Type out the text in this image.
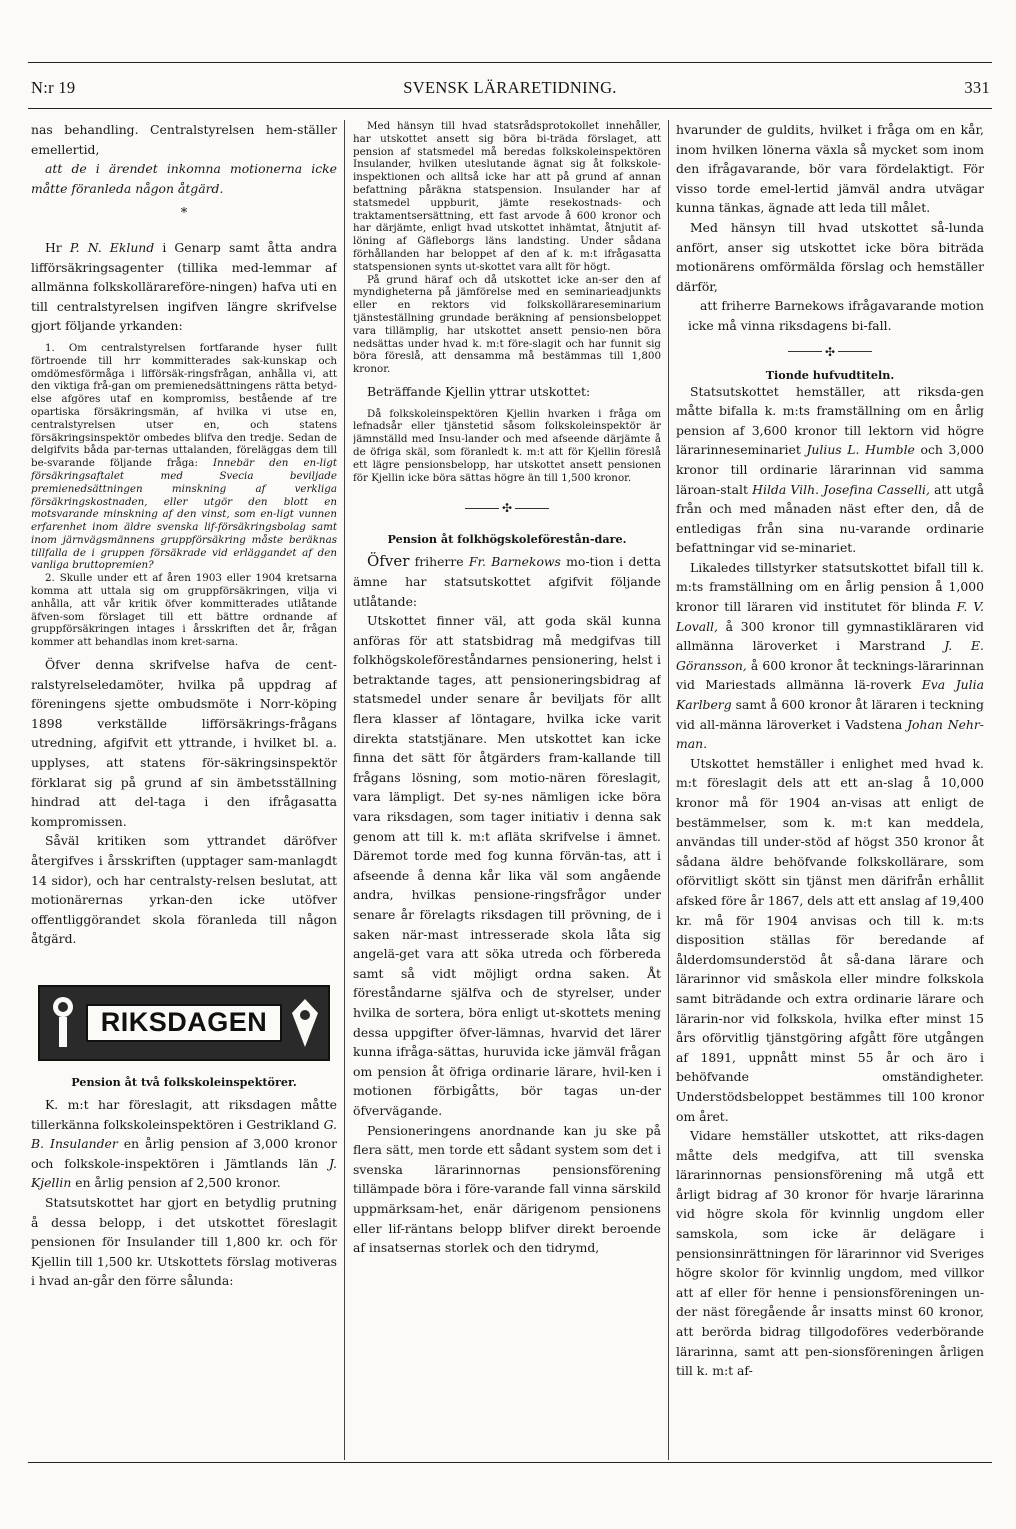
N:r 19	SVENSK LÄRARETIDNING.	331

nas behandling. Centralstyrelsen hem-ställer emellertid,

att de i ärendet inkomna motionerna icke måtte föranleda någon åtgärd.

*

Hr P. N. Eklund i Genarp samt åtta andra lifförsäkringsagenter (tillika med-lemmar af allmänna folkskollärareföre-ningen) hafva uti en till centralstyrelsen ingifven längre skrifvelse gjort följande yrkanden:

1. Om centralstyrelsen fortfarande hyser fullt förtroende till hrr kommitterades sak-kunskap och omdömesförmåga i lifförsäk-ringsfrågan, anhålla vi, att den viktiga frå-gan om premienedsättningens rätta betyd-else afgöres utaf en kompromiss, bestående af tre opartiska försäkringsmän, af hvilka vi utse en, centralstyrelsen utser en, och statens försäkringsinspektör ombedes blifva den tredje. Sedan de delgifvits båda par-ternas uttalanden, föreläggas dem till be-svarande följande fråga: Innebär den en-ligt försäkringsaftalet med Svecia beviljade premienedsättningen minskning af verkliga försäkringskostnaden, eller utgör den blott en motsvarande minskning af den vinst, som en-ligt vunnen erfarenhet inom äldre svenska lif-försäkringsbolag samt inom järnvägsmännens gruppförsäkring måste beräknas tillfalla de i gruppen försäkrade vid erläggandet af den vanliga bruttopremien?

2. Skulle under ett af åren 1903 eller 1904 kretsarna komma att uttala sig om gruppförsäkringen, vilja vi anhålla, att vår kritik öfver kommitterades utlåtande äfven-som förslaget till ett bättre ordnande af gruppförsäkringen intages i årsskriften det år, frågan kommer att behandlas inom kret-sarna.

Öfver denna skrifvelse hafva de cent-ralstyrelseledamöter, hvilka på uppdrag af föreningens sjette ombudsmöte i Norr-köping 1898 verkställde lifförsäkrings-frågans utredning, afgifvit ett yttrande, i hvilket bl. a. upplyses, att statens för-säkringsinspektör förklarat sig på grund af sin ämbetsställning hindrad att del-taga i den ifrågasatta kompromissen.

Såväl kritiken som yttrandet däröfver återgifves i årsskriften (upptager sam-manlagdt 14 sidor), och har centralsty-relsen beslutat, att motionärernas yrkan-den icke utöfver offentliggörandet skola föranleda till någon åtgärd.

RIKSDAGEN

Pension åt två folkskoleinspektörer.

K. m:t har föreslagit, att riksdagen måtte tillerkänna folkskoleinspektören i Gestrikland G. B. Insulander en årlig pension af 3,000 kronor och folkskole-inspektören i Jämtlands län J. Kjellin en årlig pension af 2,500 kronor.

Statsutskottet har gjort en betydlig prutning å dessa belopp, i det utskottet föreslagit pensionen för Insulander till 1,800 kr. och för Kjellin till 1,500 kr. Utskottets förslag motiveras i hvad an-går den förre sålunda:

Med hänsyn till hvad statsrådsprotokollet innehåller, har utskottet ansett sig böra bi-träda förslaget, att pension af statsmedel må beredas folkskoleinspektören Insulander, hvilken uteslutande ägnat sig åt folkskole-inspektionen och alltså icke har att på grund af annan befattning påräkna statspension. Insulander har af statsmedel uppburit, jämte resekostnads- och traktamentsersättning, ett fast arvode å 600 kronor och har därjämte, enligt hvad utskottet inhämtat, åtnjutit af-löning af Gäfleborgs läns landsting. Under sådana förhållanden har beloppet af den af k. m:t ifrågasatta statspensionen synts ut-skottet vara allt för högt.

På grund häraf och då utskottet icke an-ser den af myndigheterna på jämförelse med en seminarieadjunkts eller en rektors vid folkskollärareseminarium tjänsteställning grundade beräkning af pensionsbeloppet vara tillämplig, har utskottet ansett pensio-nen böra nedsättas under hvad k. m:t före-slagit och har funnit sig böra föreslå, att densamma må bestämmas till 1,800 kronor.

Beträffande Kjellin yttrar utskottet:

Då folkskoleinspektören Kjellin hvarken i fråga om lefnadsår eller tjänstetid såsom folkskoleinspektör är jämnställd med Insu-lander och med afseende därjämte å de öfriga skäl, som föranledt k. m:t att för Kjellin föreslå ett lägre pensionsbelopp, har utskottet ansett pensionen för Kjellin icke böra sättas högre än till 1,500 kronor.

✣

Pension åt folkhögskoleförestån-dare.

Öfver friherre Fr. Barnekows mo-tion i detta ämne har statsutskottet afgifvit följande utlåtande:

Utskottet finner väl, att goda skäl kunna anföras för att statsbidrag må medgifvas till folkhögskoleföreståndarnes pensionering, helst i betraktande tages, att pensioneringsbidrag af statsmedel under senare år beviljats för allt flera klasser af löntagare, hvilka icke varit direkta statstjänare. Men utskottet kan icke finna det sätt för åtgärders fram-kallande till frågans lösning, som motio-nären föreslagit, vara lämpligt. Det sy-nes nämligen icke böra vara riksdagen, som tager initiativ i denna sak genom att till k. m:t afläta skrifvelse i ämnet. Däremot torde med fog kunna förvän-tas, att i afseende å denna kår lika väl som angående andra, hvilkas pensione-ringsfrågor under senare år förelagts riksdagen till prövning, de i saken när-mast intresserade skola låta sig angelä-get vara att söka utreda och förbereda samt så vidt möjligt ordna saken. Åt föreståndarne själfva och de styrelser, under hvilka de sortera, böra enligt ut-skottets mening dessa uppgifter öfver-lämnas, hvarvid det lärer kunna ifråga-sättas, huruvida icke jämväl frågan om pension åt öfriga ordinarie lärare, hvil-ken i motionen förbigåtts, bör tagas un-der öfvervägande.

Pensioneringens anordnande kan ju ske på flera sätt, men torde ett sådant system som det i svenska lärarinnornas pensionsförening tillämpade böra i före-varande fall vinna särskild uppmärksam-het, enär därigenom pensionens eller lif-räntans belopp blifver direkt beroende af insatsernas storlek och den tidrymd,

hvarunder de guldits, hvilket i fråga om en kår, inom hvilken lönerna växla så mycket som inom den ifrågavarande, bör vara fördelaktigt. För visso torde emel-lertid jämväl andra utvägar kunna tänkas, ägnade att leda till målet.

Med hänsyn till hvad utskottet så-lunda anfört, anser sig utskottet icke böra biträda motionärens omförmälda förslag och hemställer därför,

att friherre Barnekows ifrågavarande motion icke må vinna riksdagens bi-fall.

✣

Tionde hufvudtiteln.

Statsutskottet hemställer, att riksda-gen måtte bifalla k. m:ts framställning om en årlig pension af 3,600 kronor till lektorn vid högre lärarinneseminariet Julius L. Humble och 3,000 kronor till ordinarie lärarinnan vid samma läroan-stalt Hilda Vilh. Josefina Casselli, att utgå från och med månaden näst efter den, då de entledigas från sina nu-varande ordinarie befattningar vid se-minariet.

Likaledes tillstyrker statsutskottet bifall till k. m:ts framställning om en årlig pension å 1,000 kronor till läraren vid institutet för blinda F. V. Lovall, å 300 kronor till gymnastikläraren vid allmänna läroverket i Marstrand J. E. Göransson, å 600 kronor åt tecknings-lärarinnan vid Mariestads allmänna lä-roverk Eva Julia Karlberg samt å 600 kronor åt läraren i teckning vid all-männa läroverket i Vadstena Johan Nehr-man.

Utskottet hemställer i enlighet med hvad k. m:t föreslagit dels att ett an-slag å 10,000 kronor må för 1904 an-visas att enligt de bestämmelser, som k. m:t kan meddela, användas till under-stöd af högst 350 kronor åt sådana äldre behöfvande folkskollärare, som oförvitligt skött sin tjänst men därifrån erhållit afsked före år 1867, dels att ett anslag af 19,400 kr. må för 1904 anvisas och till k. m:ts disposition ställas för beredande af ålderdomsunderstöd åt så-dana lärare och lärarinnor vid småskola eller mindre folkskola samt biträdande och extra ordinarie lärare och lärarin-nor vid folkskola, hvilka efter minst 15 års oförvitlig tjänstgöring afgått före utgången af 1891, uppnått minst 55 år och äro i behöfvande omständigheter. Understödsbeloppet bestämmes till 100 kronor om året.

Vidare hemställer utskottet, att riks-dagen måtte dels medgifva, att till svenska lärarinnornas pensionsförening må utgå ett årligt bidrag af 30 kronor för hvarje lärarinna vid högre skola för kvinnlig ungdom eller samskola, som icke är delägare i pensionsinrättningen för lärarinnor vid Sveriges högre skolor för kvinnlig ungdom, med villkor att af eller för henne i pensionsföreningen un-der näst föregående år insatts minst 60 kronor, att berörda bidrag tillgodoföres vederbörande lärarinna, samt att pen-sionsföreningen årligen till k. m:t af-
